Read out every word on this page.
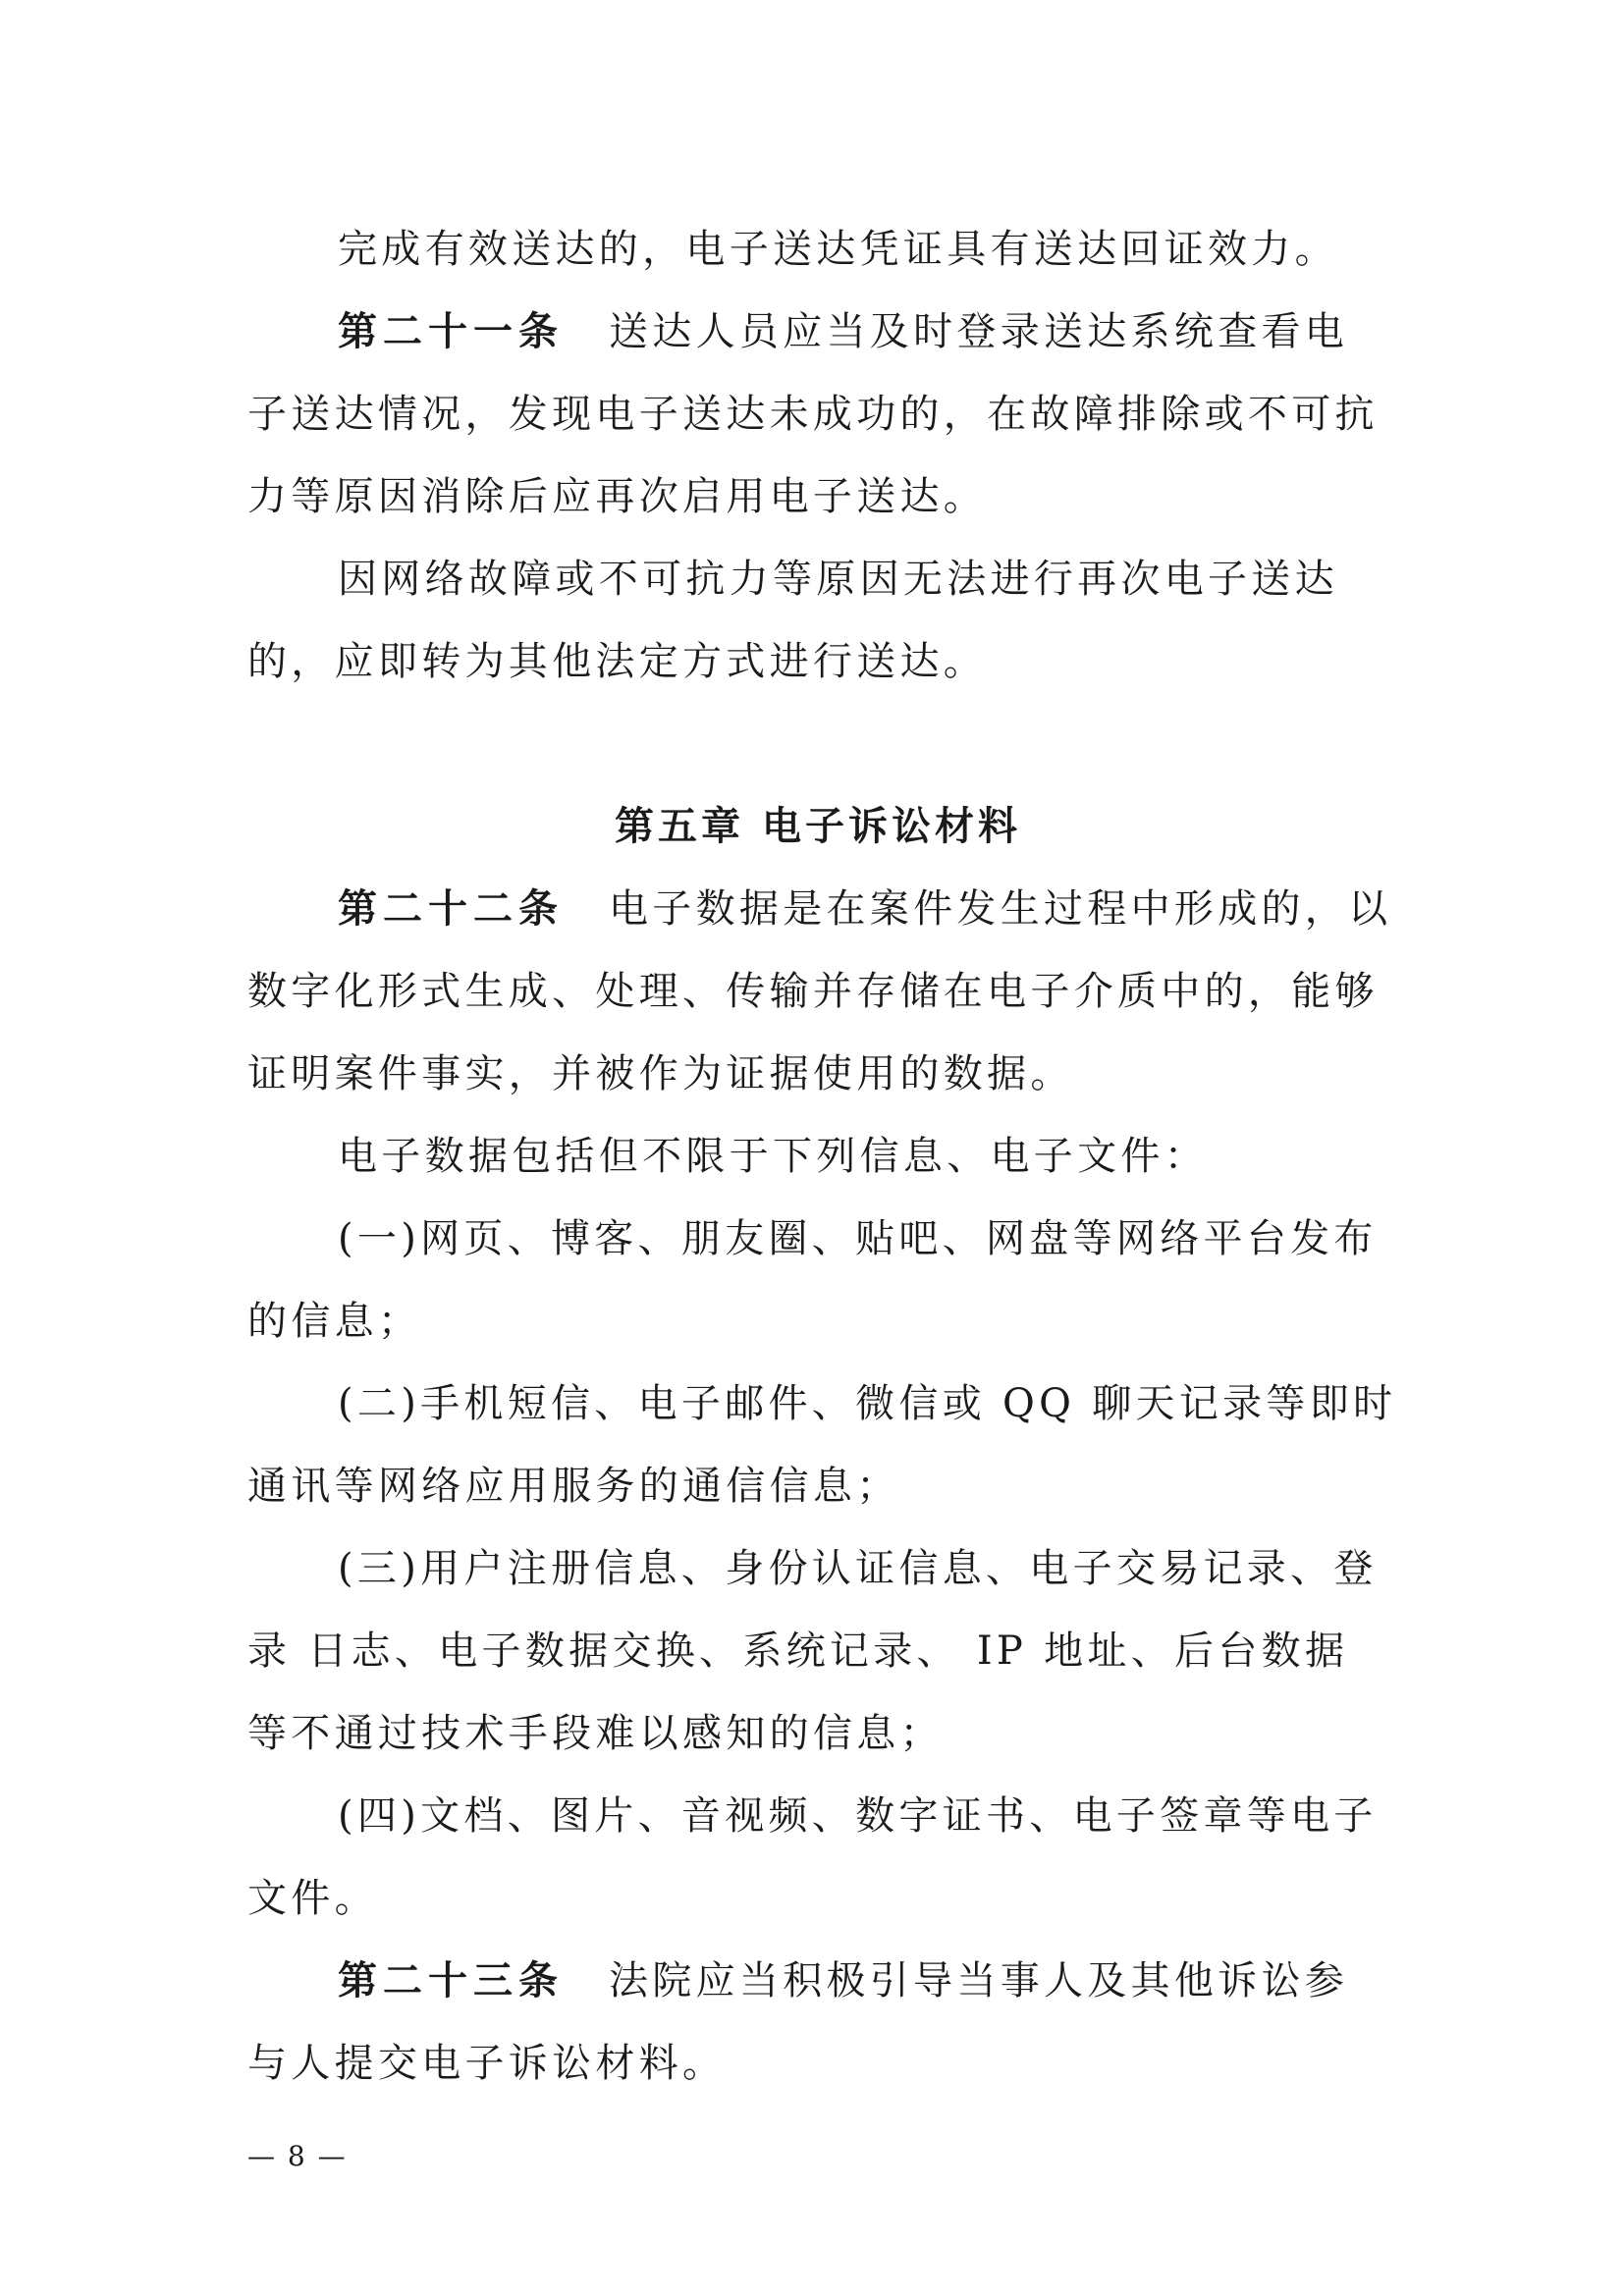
完成有效送达的，电子送达凭证具有送达回证效力。
第二十一条 送达人员应当及时登录送达系统查看电
子送达情况，发现电子送达未成功的，在故障排除或不可抗
力等原因消除后应再次启用电子送达。
因网络故障或不可抗力等原因无法进行再次电子送达
的，应即转为其他法定方式进行送达。
第五章 电子诉讼材料
第二十二条 电子数据是在案件发生过程中形成的，以
数字化形式生成、处理、传输并存储在电子介质中的，能够
证明案件事实，并被作为证据使用的数据。
电子数据包括但不限于下列信息、电子文件：
(一)网页、博客、朋友圈、贴吧、网盘等网络平台发布
的信息；
(二)手机短信、电子邮件、微信或 QQ 聊天记录等即时
通讯等网络应用服务的通信信息；
(三)用户注册信息、身份认证信息、电子交易记录、登
录 日志、电子数据交换、系统记录、 IP 地址、后台数据
等不通过技术手段难以感知的信息；
(四)文档、图片、音视频、数字证书、电子签章等电子
文件。
第二十三条 法院应当积极引导当事人及其他诉讼参
与人提交电子诉讼材料。
— 8 —
